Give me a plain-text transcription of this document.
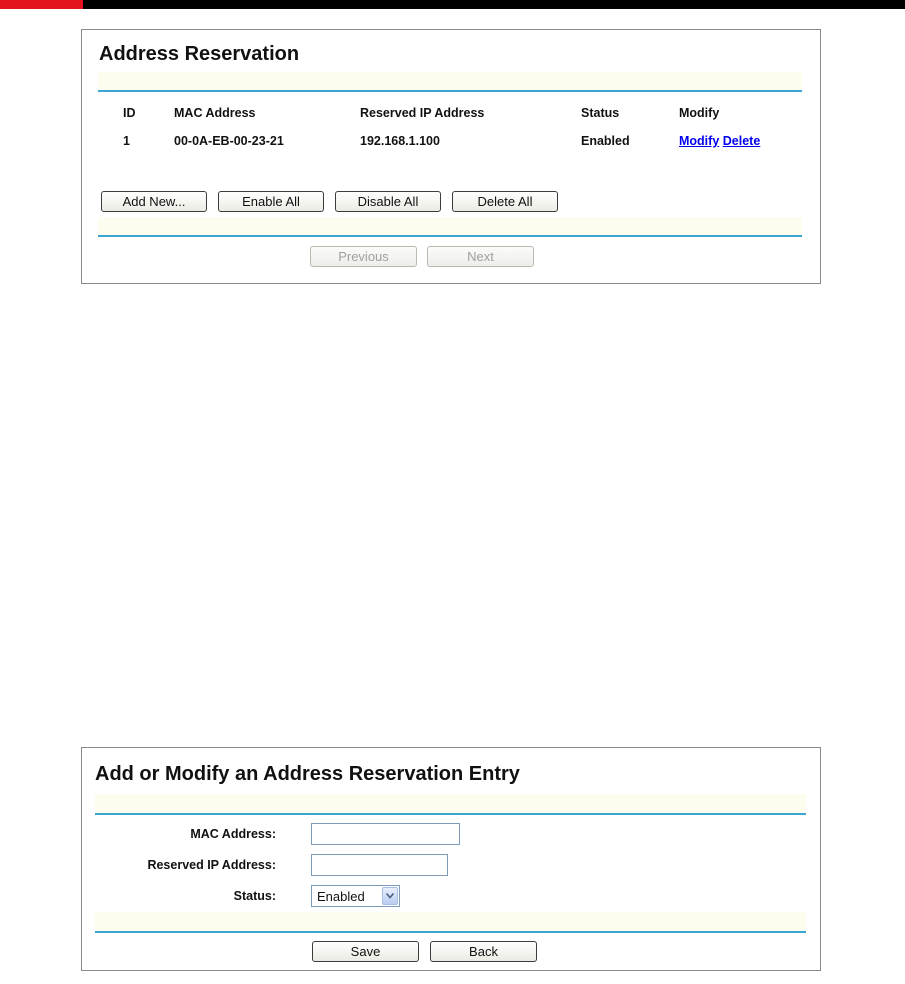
Address Reservation
ID	MAC Address	Reserved IP Address	Status	Modify
1	00-0A-EB-00-23-21	192.168.1.100	Enabled	Modify Delete
Add New...	Enable All	Disable All	Delete All
Previous	Next
Add or Modify an Address Reservation Entry
MAC Address:
Reserved IP Address:
Status:	Enabled
Save	Back
